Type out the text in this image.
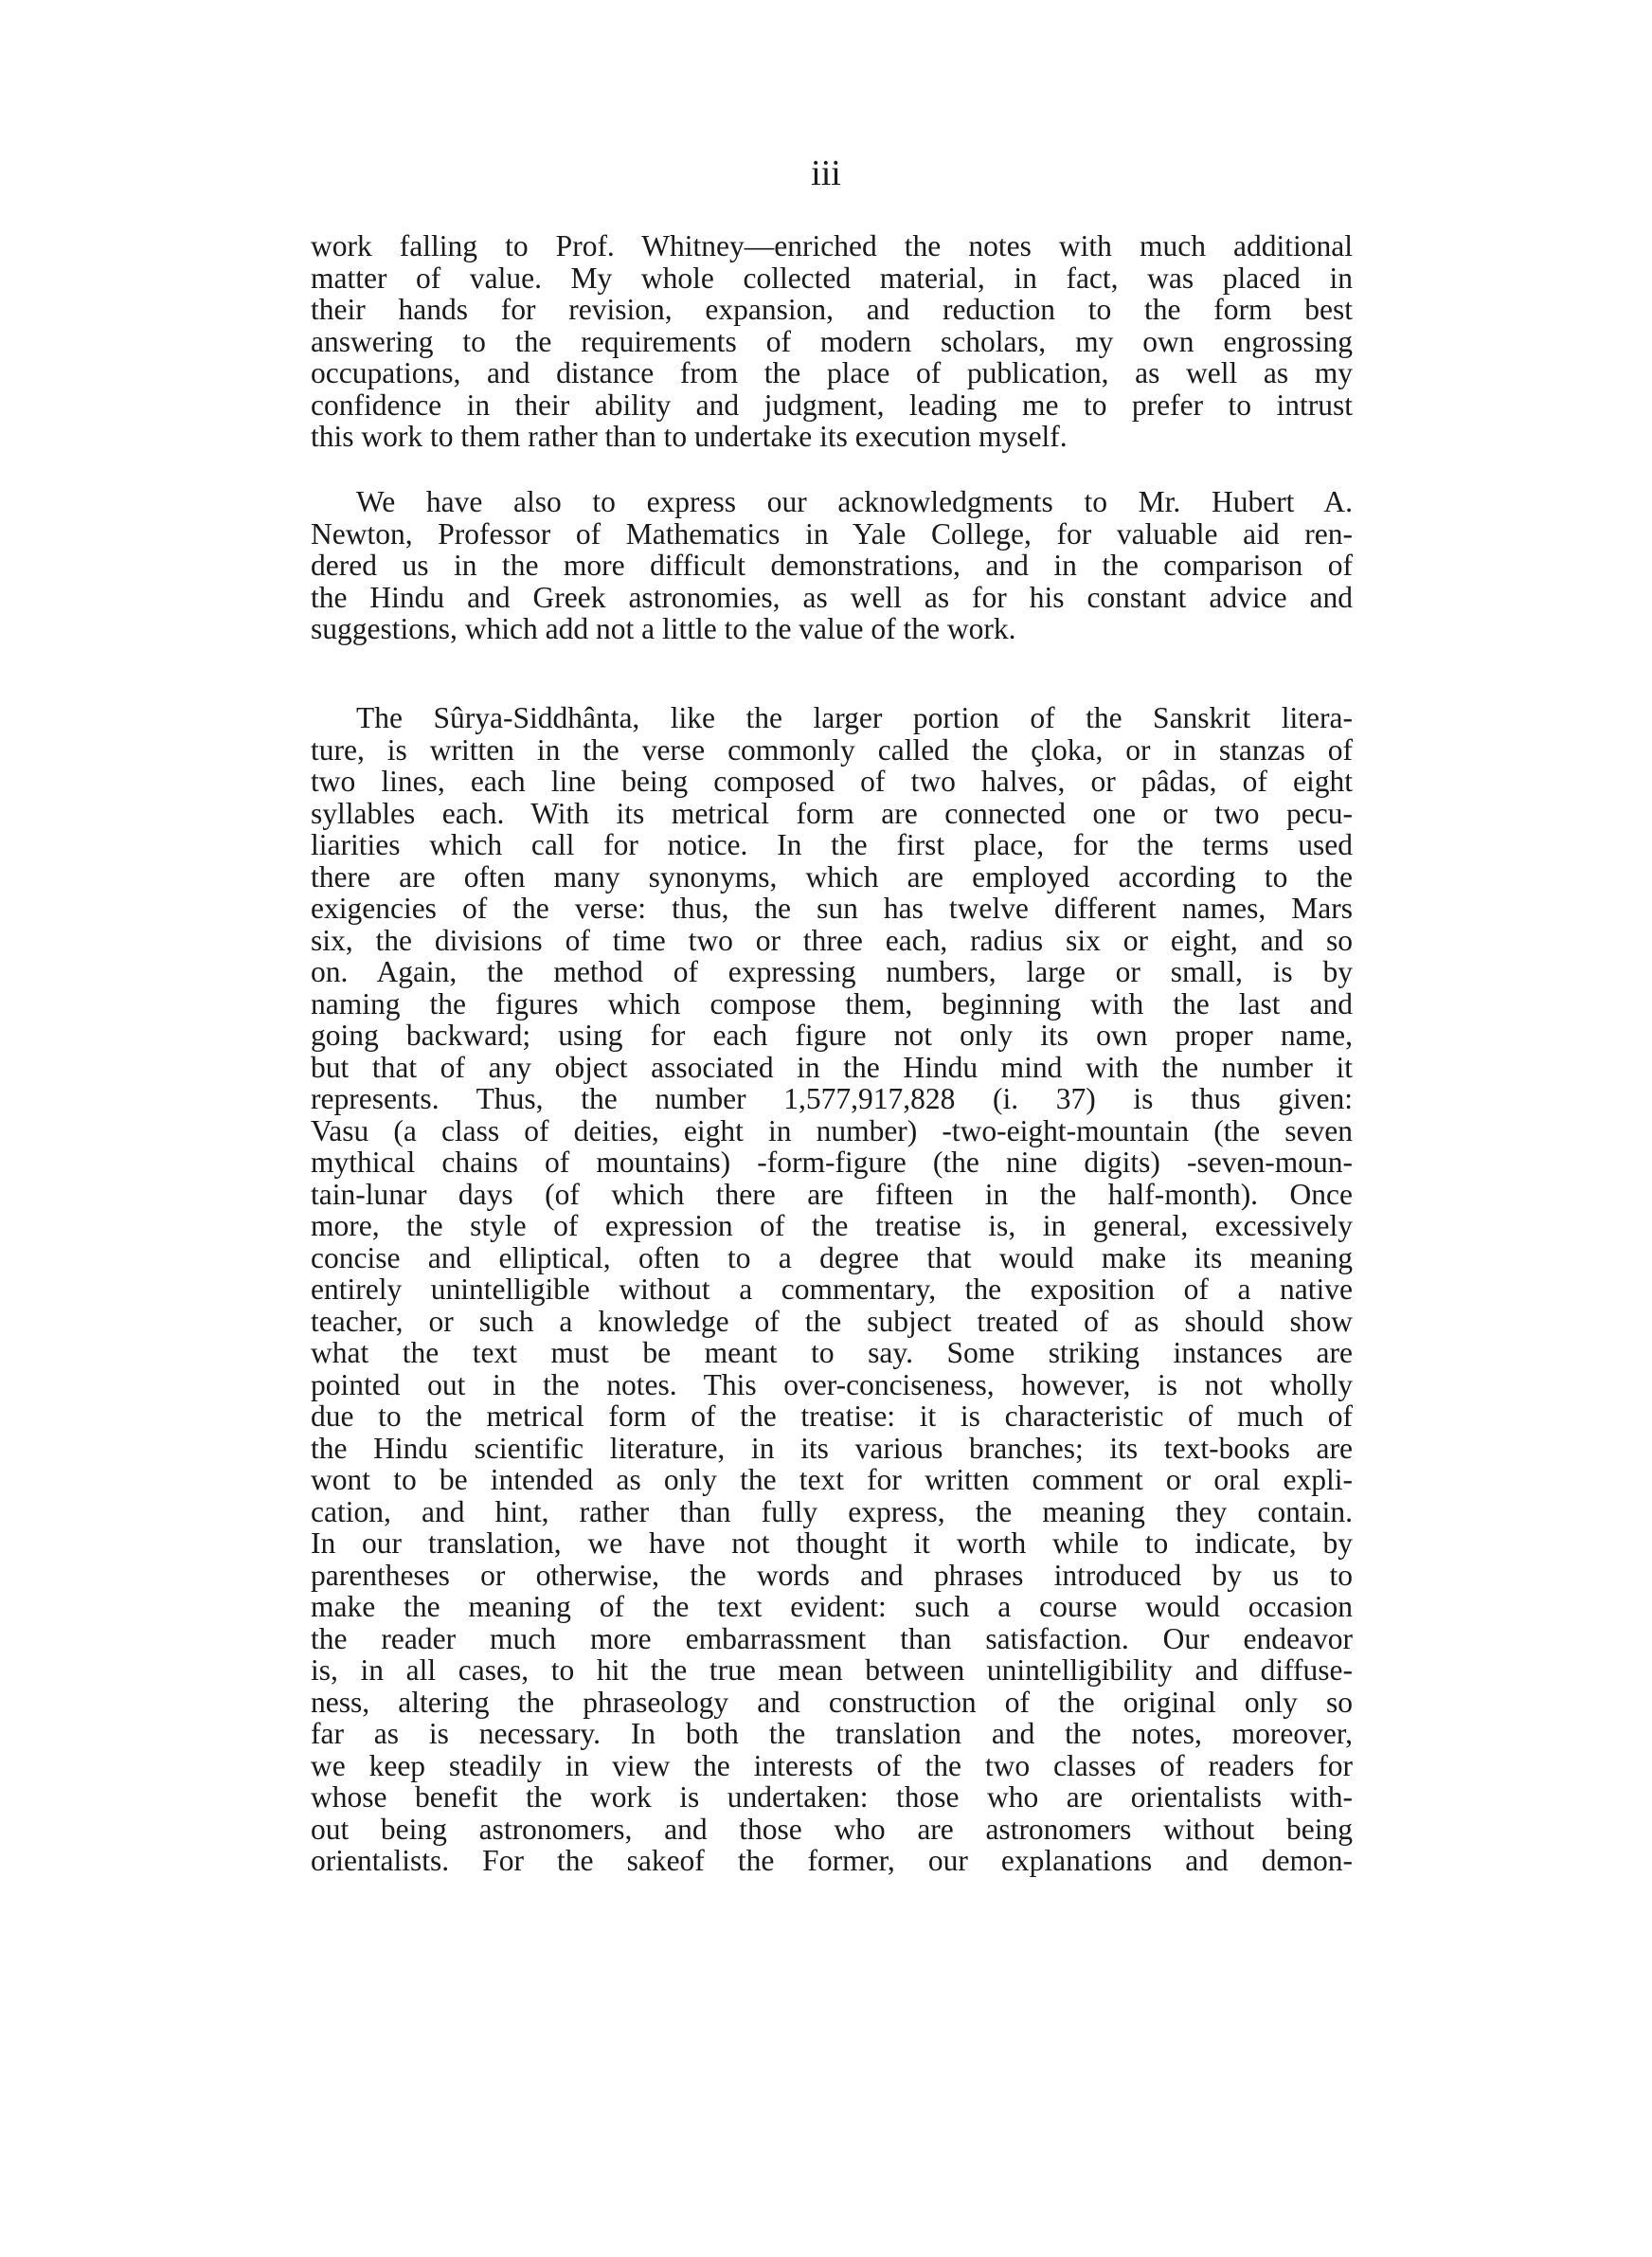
iii

work falling to Prof. Whitney—enriched the notes with much additional
matter of value. My whole collected material, in fact, was placed in
their hands for revision, expansion, and reduction to the form best
answering to the requirements of modern scholars, my own engrossing
occupations, and distance from the place of publication, as well as my
confidence in their ability and judgment, leading me to prefer to intrust
this work to them rather than to undertake its execution myself.

We have also to express our acknowledgments to Mr. Hubert A.
Newton, Professor of Mathematics in Yale College, for valuable aid ren-
dered us in the more difficult demonstrations, and in the comparison of
the Hindu and Greek astronomies, as well as for his constant advice and
suggestions, which add not a little to the value of the work.

The Sûrya-Siddhânta, like the larger portion of the Sanskrit litera-
ture, is written in the verse commonly called the çloka, or in stanzas of
two lines, each line being composed of two halves, or pâdas, of eight
syllables each. With its metrical form are connected one or two pecu-
liarities which call for notice. In the first place, for the terms used
there are often many synonyms, which are employed according to the
exigencies of the verse: thus, the sun has twelve different names, Mars
six, the divisions of time two or three each, radius six or eight, and so
on. Again, the method of expressing numbers, large or small, is by
naming the figures which compose them, beginning with the last and
going backward; using for each figure not only its own proper name,
but that of any object associated in the Hindu mind with the number it
represents. Thus, the number 1,577,917,828 (i. 37) is thus given:
Vasu (a class of deities, eight in number) -two-eight-mountain (the seven
mythical chains of mountains) -form-figure (the nine digits) -seven-moun-
tain-lunar days (of which there are fifteen in the half-month). Once
more, the style of expression of the treatise is, in general, excessively
concise and elliptical, often to a degree that would make its meaning
entirely unintelligible without a commentary, the exposition of a native
teacher, or such a knowledge of the subject treated of as should show
what the text must be meant to say. Some striking instances are
pointed out in the notes. This over-conciseness, however, is not wholly
due to the metrical form of the treatise: it is characteristic of much of
the Hindu scientific literature, in its various branches; its text-books are
wont to be intended as only the text for written comment or oral expli-
cation, and hint, rather than fully express, the meaning they contain.
In our translation, we have not thought it worth while to indicate, by
parentheses or otherwise, the words and phrases introduced by us to
make the meaning of the text evident: such a course would occasion
the reader much more embarrassment than satisfaction. Our endeavor
is, in all cases, to hit the true mean between unintelligibility and diffuse-
ness, altering the phraseology and construction of the original only so
far as is necessary. In both the translation and the notes, moreover,
we keep steadily in view the interests of the two classes of readers for
whose benefit the work is undertaken: those who are orientalists with-
out being astronomers, and those who are astronomers without being
orientalists. For the sakeof the former, our explanations and demon-
